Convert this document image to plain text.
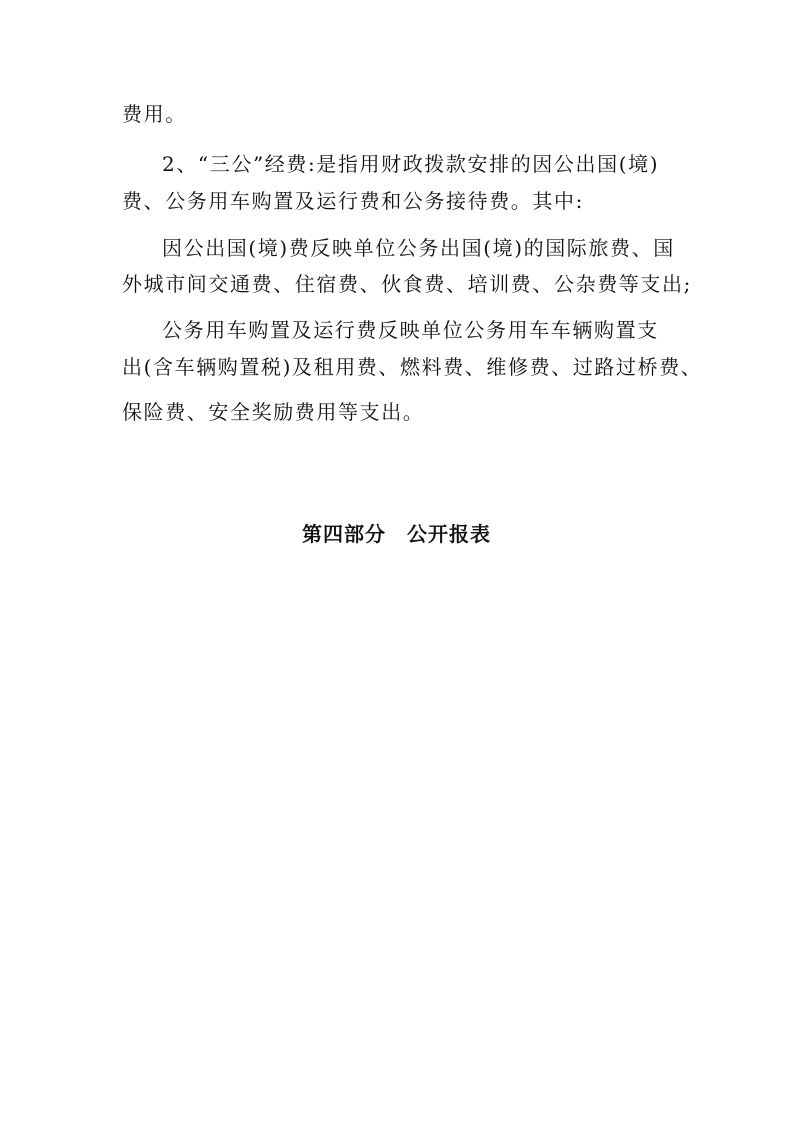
费用。
2、“三公”经费:是指用财政拨款安排的因公出国(境)
费、公务用车购置及运行费和公务接待费。其中:
因公出国(境)费反映单位公务出国(境)的国际旅费、国
外城市间交通费、住宿费、伙食费、培训费、公杂费等支出;
公务用车购置及运行费反映单位公务用车车辆购置支
出(含车辆购置税)及租用费、燃料费、维修费、过路过桥费、
保险费、安全奖励费用等支出。
第四部分　公开报表
